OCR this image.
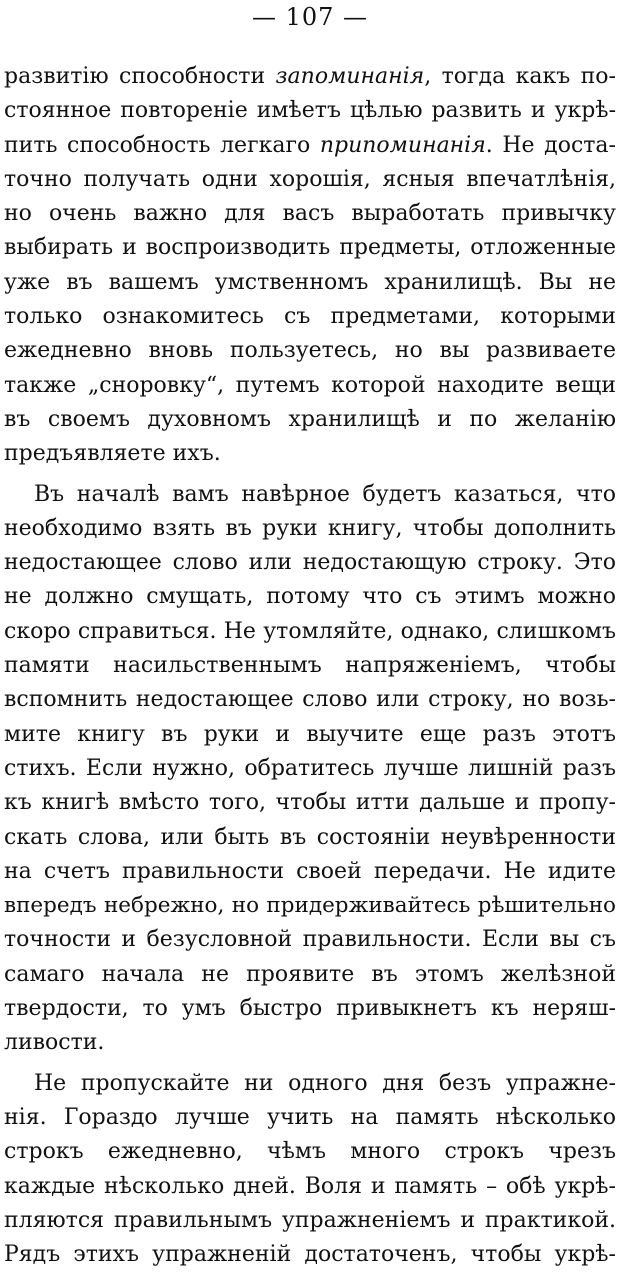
— 107 —
развитію способности запоминанія, тогда какъ по-
стоянное повтореніе имѣетъ цѣлью развить и укрѣ-
пить способность легкаго припоминанія. Не доста-
точно получать одни хорошія, ясныя впечатлѣнія,
но очень важно для васъ выработать привычку
выбирать и воспроизводить предметы, отложенные
уже въ вашемъ умственномъ хранилищѣ. Вы не
только ознакомитесь съ предметами, которыми
ежедневно вновь пользуетесь, но вы развиваете
также „сноровку“, путемъ которой находите вещи
въ своемъ духовномъ хранилищѣ и по желанію
предъявляете ихъ.
Въ началѣ вамъ навѣрное будетъ казаться, что
необходимо взять въ руки книгу, чтобы дополнить
недостающее слово или недостающую строку. Это
не должно смущать, потому что съ этимъ можно
скоро справиться. Не утомляйте, однако, слишкомъ
памяти насильственнымъ напряженіемъ, чтобы
вспомнить недостающее слово или строку, но возь-
мите книгу въ руки и выучите еще разъ этотъ
стихъ. Если нужно, обратитесь лучше лишній разъ
къ книгѣ вмѣсто того, чтобы итти дальше и пропу-
скать слова, или быть въ состояніи неувѣренности
на счетъ правильности своей передачи. Не идите
впередъ небрежно, но придерживайтесь рѣшительно
точности и безусловной правильности. Если вы съ
самаго начала не проявите въ этомъ желѣзной
твердости, то умъ быстро привыкнетъ къ неряш-
ливости.
Не пропускайте ни одного дня безъ упражне-
нія. Гораздо лучше учить на память нѣсколько
строкъ ежедневно, чѣмъ много строкъ чрезъ
каждые нѣсколько дней. Воля и память – обѣ укрѣ-
пляются правильнымъ упражненіемъ и практикой.
Рядъ этихъ упражненій достаточенъ, чтобы укрѣ-
